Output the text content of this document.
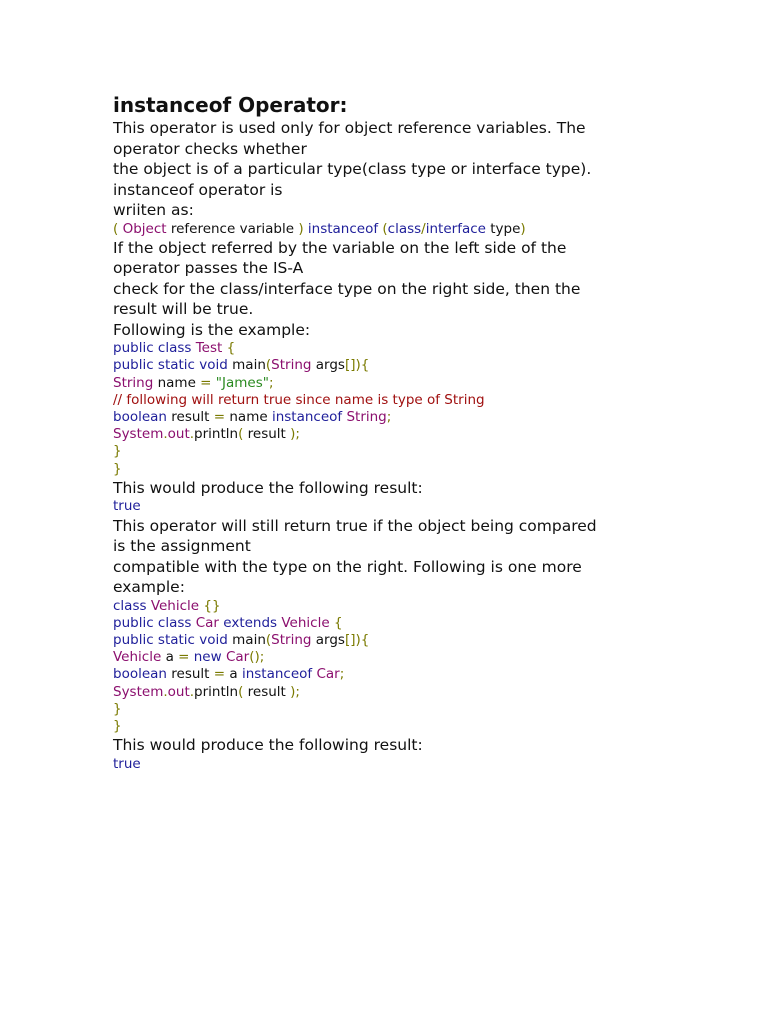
instanceof Operator:
This operator is used only for object reference variables. The
operator checks whether
the object is of a particular type(class type or interface type).
instanceof operator is
wriiten as:
( Object reference variable ) instanceof (class/interface type)
If the object referred by the variable on the left side of the
operator passes the IS-A
check for the class/interface type on the right side, then the
result will be true.
Following is the example:
public class Test {
public static void main(String args[]){
String name = "James";
// following will return true since name is type of String
boolean result = name instanceof String;
System.out.println( result );
}
}
This would produce the following result:
true
This operator will still return true if the object being compared
is the assignment
compatible with the type on the right. Following is one more
example:
class Vehicle {}
public class Car extends Vehicle {
public static void main(String args[]){
Vehicle a = new Car();
boolean result = a instanceof Car;
System.out.println( result );
}
}
This would produce the following result:
true
